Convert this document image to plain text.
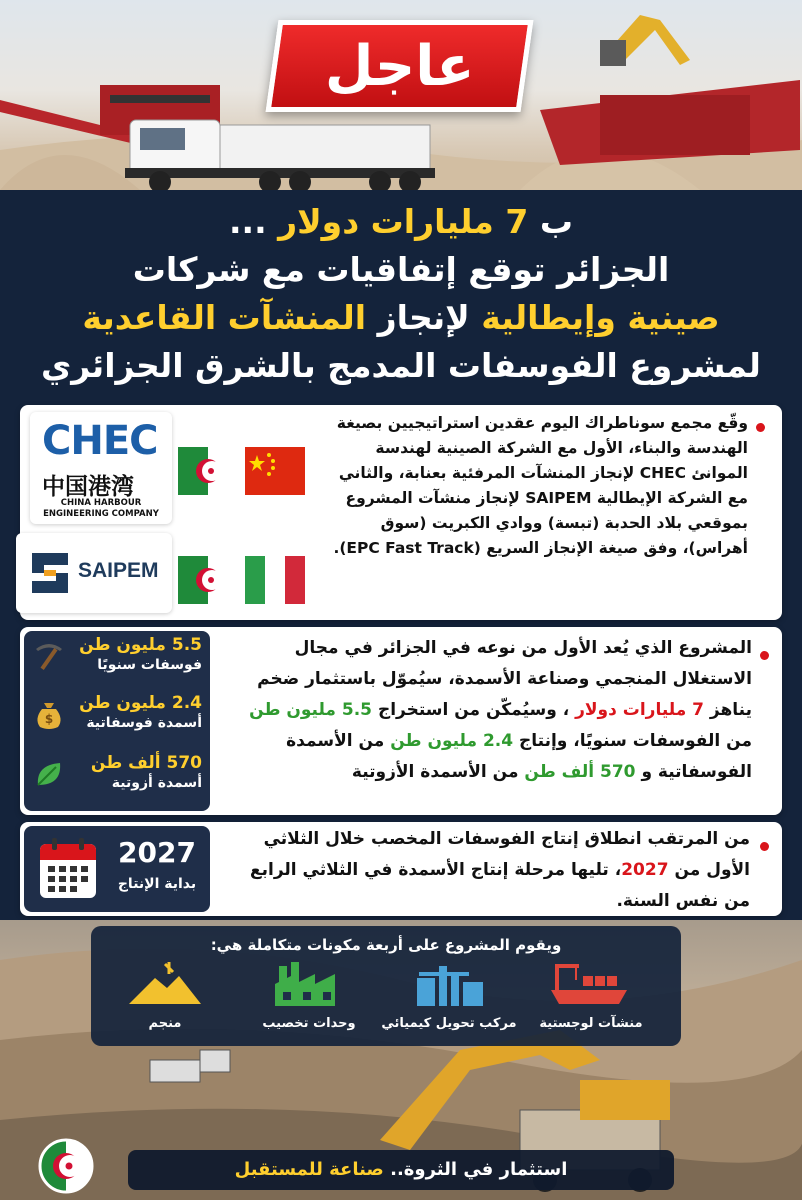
عاجل
ب 7 مليارات دولار ...
الجزائر توقع إتفاقيات مع شركات
صينية وإيطالية لإنجاز المنشآت القاعدية
لمشروع الفوسفات المدمج بالشرق الجزائري
CHEC
中国港湾
CHINA HARBOUR
ENGINEERING COMPANY
SAIPEM
وقّع مجمع سوناطراك اليوم عقدين استراتيجيين بصيغة الهندسة والبناء، الأول مع الشركة الصينية لهندسة الموانئ CHEC لإنجاز المنشآت المرفئية بعنابة، والثاني مع الشركة الإيطالية SAIPEM لإنجاز منشآت المشروع بموقعي بلاد الحدبة (تبسة) ووادي الكبريت (سوق أهراس)، وفق صيغة الإنجاز السريع (EPC Fast Track).
5.5 مليون طن
فوسفات سنويًا
$
2.4 مليون طن
أسمدة فوسفاتية
570 ألف طن
أسمدة أزوتية
المشروع الذي يُعد الأول من نوعه في الجزائر في مجال الاستغلال المنجمي وصناعة الأسمدة، سيُموّل باستثمار ضخم يناهز 7 مليارات دولار ، وسيُمكّن من استخراج 5.5 مليون طن من الفوسفات سنويًا، وإنتاج 2.4 مليون طن من الأسمدة الفوسفاتية و 570 ألف طن من الأسمدة الأزوتية
2027
بداية الإنتاج
من المرتقب انطلاق إنتاج الفوسفات المخصب خلال الثلاثي الأول من 2027، تليها مرحلة إنتاج الأسمدة في الثلاثي الرابع من نفس السنة.
ويقوم المشروع على أربعة مكونات متكاملة هي:
منشآت لوجستية
مركب تحويل كيميائي
وحدات تخصيب
منجم
استثمار في الثروة.. صناعة للمستقبل
